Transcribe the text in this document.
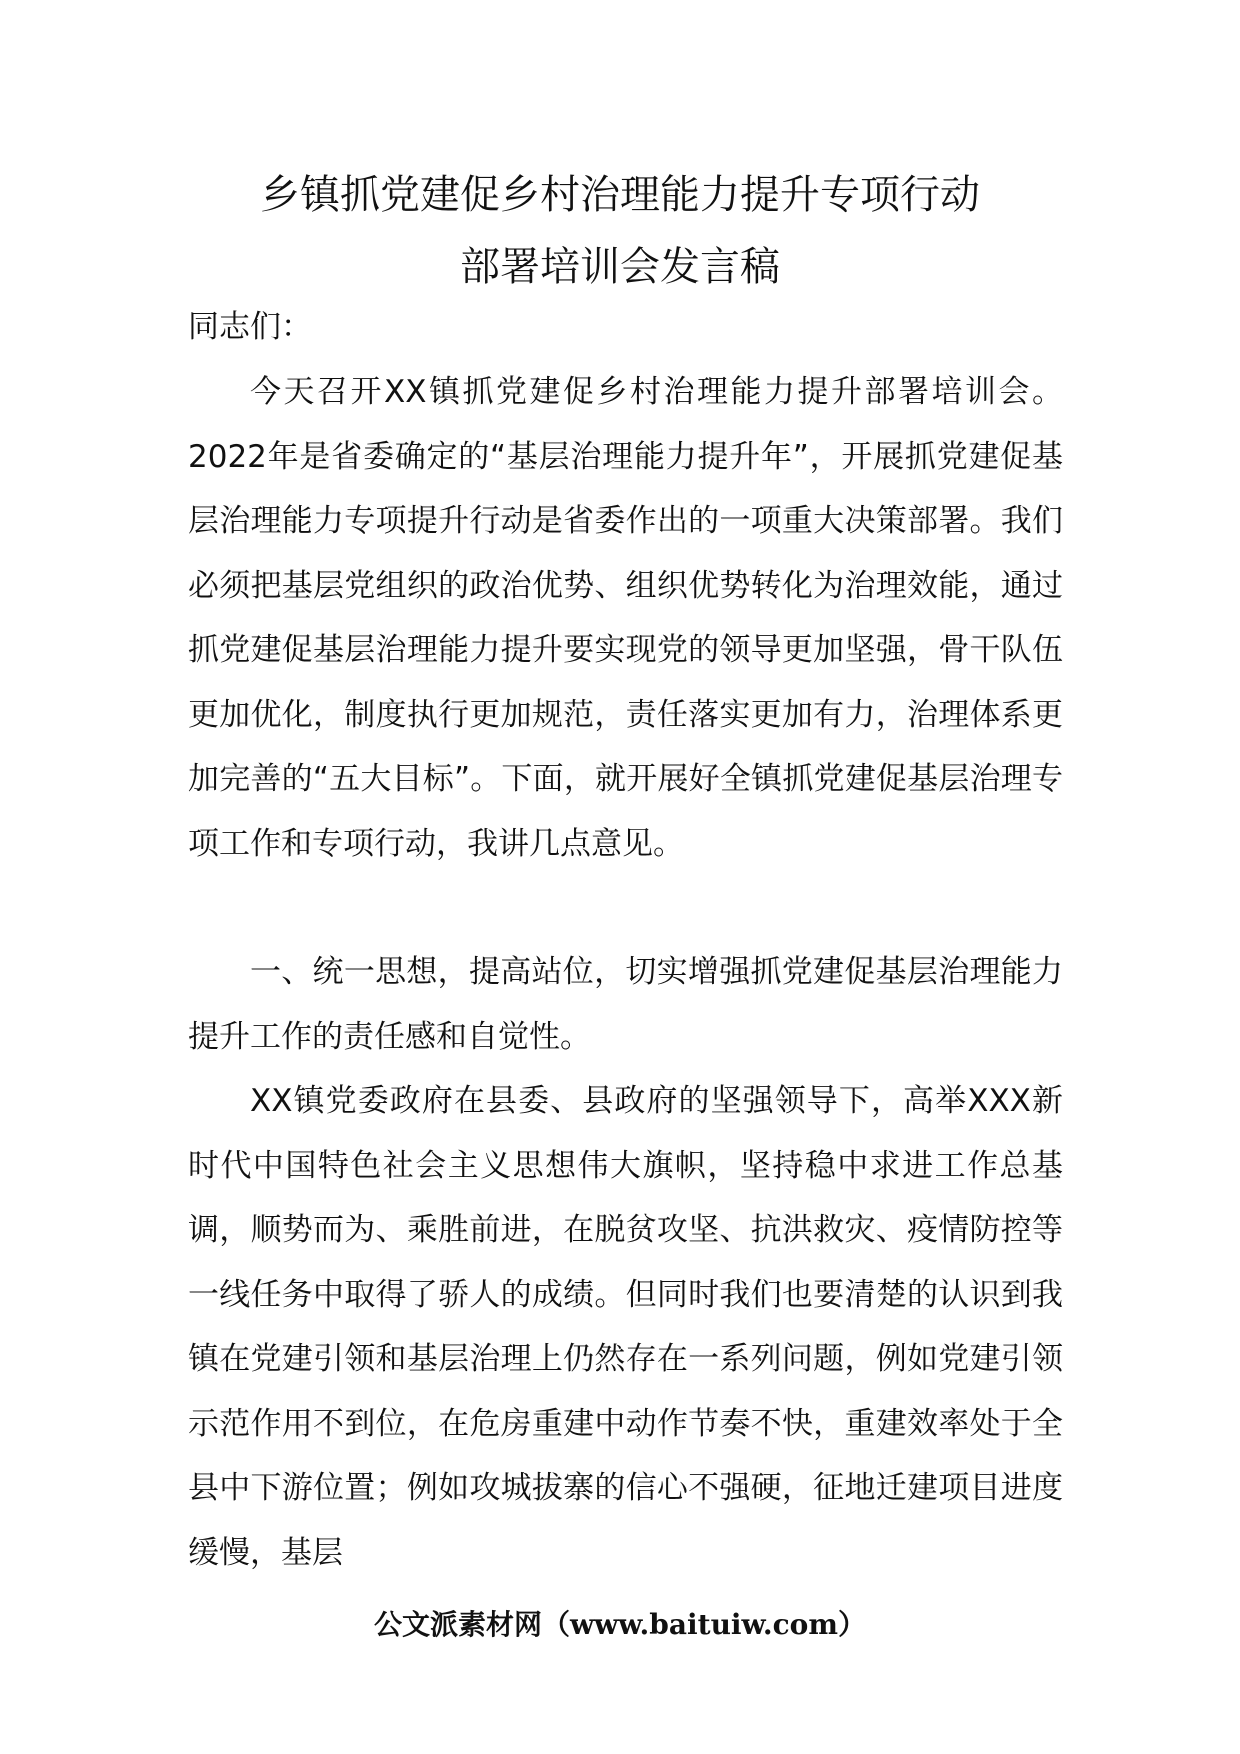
乡镇抓党建促乡村治理能力提升专项行动
部署培训会发言稿

同志们：

今天召开XX镇抓党建促乡村治理能力提升部署培训会。2022年是省委确定的“基层治理能力提升年”，开展抓党建促基层治理能力专项提升行动是省委作出的一项重大决策部署。我们必须把基层党组织的政治优势、组织优势转化为治理效能，通过抓党建促基层治理能力提升要实现党的领导更加坚强，骨干队伍更加优化，制度执行更加规范，责任落实更加有力，治理体系更加完善的“五大目标”。下面，就开展好全镇抓党建促基层治理专项工作和专项行动，我讲几点意见。

一、统一思想，提高站位，切实增强抓党建促基层治理能力提升工作的责任感和自觉性。

XX镇党委政府在县委、县政府的坚强领导下，高举XXX新时代中国特色社会主义思想伟大旗帜，坚持稳中求进工作总基调，顺势而为、乘胜前进，在脱贫攻坚、抗洪救灾、疫情防控等一线任务中取得了骄人的成绩。但同时我们也要清楚的认识到我镇在党建引领和基层治理上仍然存在一系列问题，例如党建引领示范作用不到位，在危房重建中动作节奏不快，重建效率处于全县中下游位置；例如攻城拔寨的信心不强硬，征地迁建项目进度缓慢，基层

公文派素材网（www.baituiw.com）
